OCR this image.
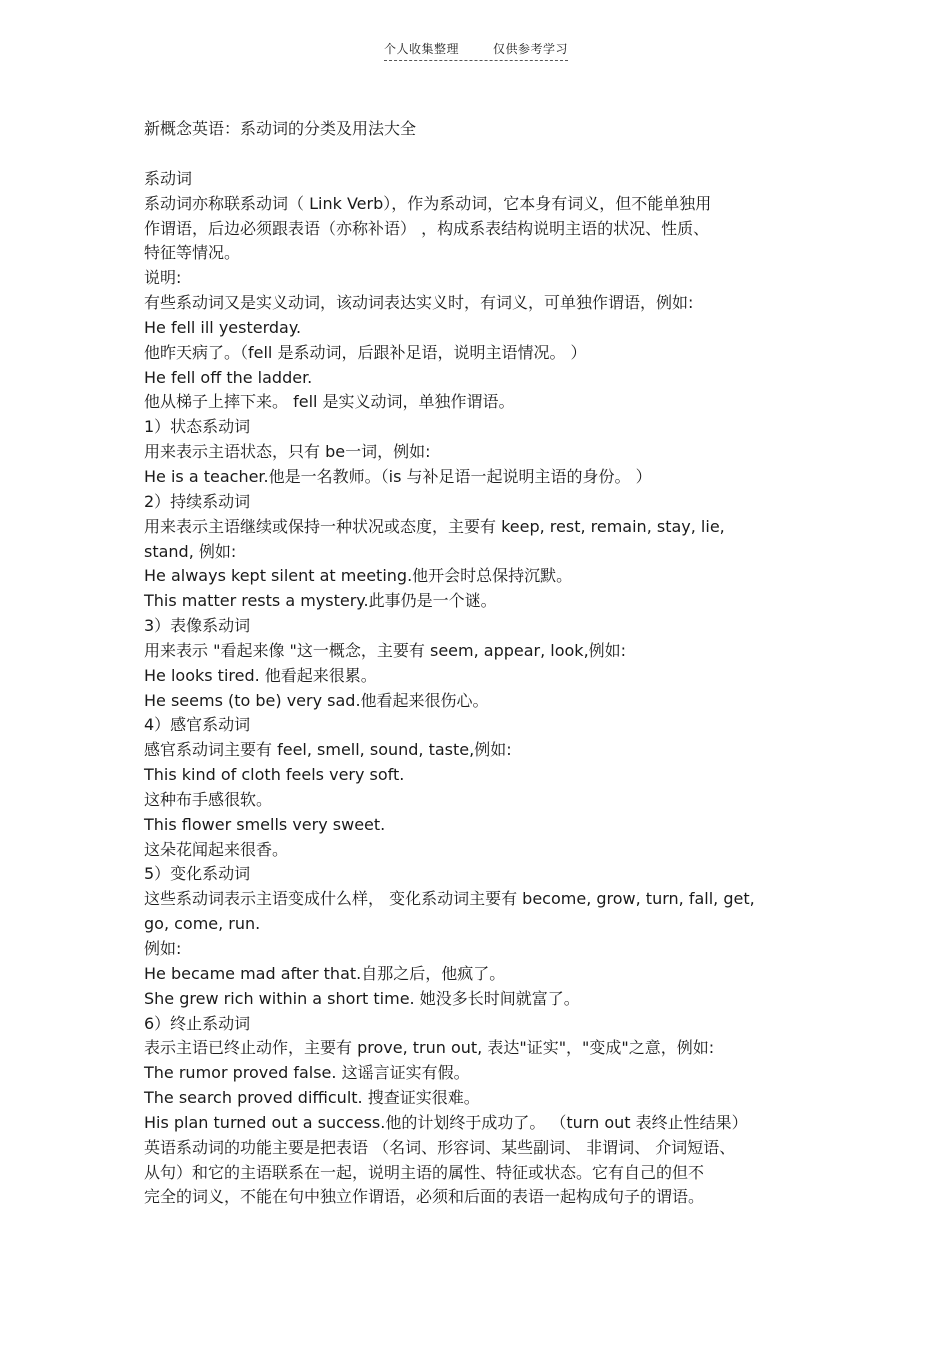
个人收集整理	仅供参考学习
新概念英语：系动词的分类及用法大全
系动词
系动词亦称联系动词（ Link Verb），作为系动词，它本身有词义，但不能单独用
作谓语，后边必须跟表语（亦称补语） ，构成系表结构说明主语的状况、性质、
特征等情况。
说明:
有些系动词又是实义动词，该动词表达实义时，有词义，可单独作谓语，例如:
He fell ill yesterday.
他昨天病了。（fell 是系动词，后跟补足语，说明主语情况。 ）
He fell off the ladder.
他从梯子上摔下来。 fell 是实义动词，单独作谓语。
1）状态系动词
用来表示主语状态，只有 be一词，例如:
He is a teacher.他是一名教师。（is 与补足语一起说明主语的身份。 ）
2）持续系动词
用来表示主语继续或保持一种状况或态度，主要有 keep, rest, remain, stay, lie,
stand, 例如:
He always kept silent at meeting.他开会时总保持沉默。
This matter rests a mystery.此事仍是一个谜。
3）表像系动词
用来表示 "看起来像 "这一概念，主要有 seem, appear, look,例如:
He looks tired. 他看起来很累。
He seems (to be) very sad.他看起来很伤心。
4）感官系动词
感官系动词主要有 feel, smell, sound, taste,例如:
This kind of cloth feels very soft.
这种布手感很软。
This flower smells very sweet.
这朵花闻起来很香。
5）变化系动词
这些系动词表示主语变成什么样， 变化系动词主要有 become, grow, turn, fall, get,
go, come, run.
例如:
He became mad after that.自那之后，他疯了。
She grew rich within a short time. 她没多长时间就富了。
6）终止系动词
表示主语已终止动作，主要有 prove, trun out, 表达"证实"，"变成"之意，例如:
The rumor proved false. 这谣言证实有假。
The search proved difficult. 搜查证实很难。
His plan turned out a success.他的计划终于成功了。 （turn out 表终止性结果）
英语系动词的功能主要是把表语 （名词、形容词、某些副词、 非谓词、 介词短语、
从句）和它的主语联系在一起，说明主语的属性、特征或状态。它有自己的但不
完全的词义，不能在句中独立作谓语，必须和后面的表语一起构成句子的谓语。
